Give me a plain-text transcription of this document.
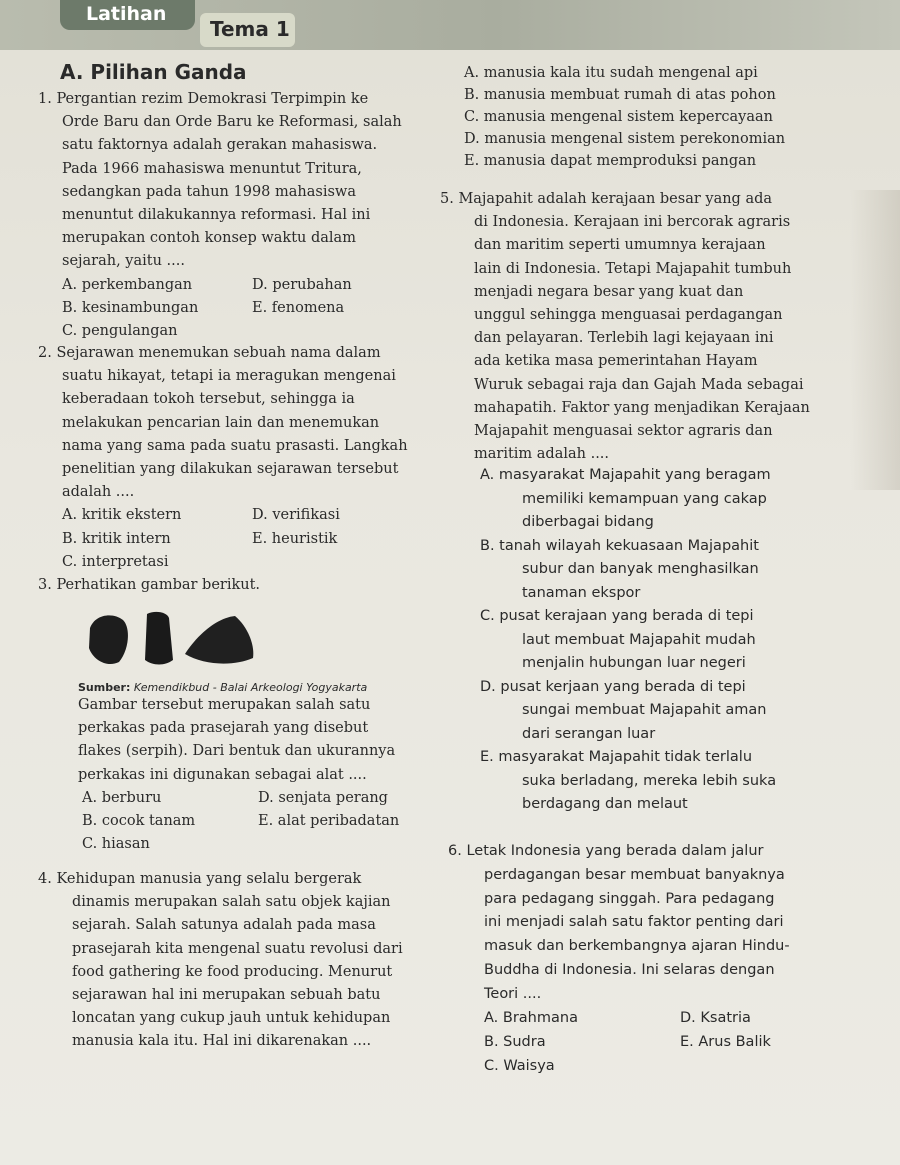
Latihan
Tema 1
A. Pilihan Ganda
1. Pergantian rezim Demokrasi Terpimpin ke
Orde Baru dan Orde Baru ke Reformasi, salah
satu faktornya adalah gerakan mahasiswa.
Pada 1966 mahasiswa menuntut Tritura,
sedangkan pada tahun 1998 mahasiswa
menuntut dilakukannya reformasi. Hal ini
merupakan contoh konsep waktu dalam
sejarah, yaitu ....
A. perkembangan	D. perubahan
B. kesinambungan	E. fenomena
C. pengulangan
2. Sejarawan menemukan sebuah nama dalam
suatu hikayat, tetapi ia meragukan mengenai
keberadaan tokoh tersebut, sehingga ia
melakukan pencarian lain dan menemukan
nama yang sama pada suatu prasasti. Langkah
penelitian yang dilakukan sejarawan tersebut
adalah ....
A. kritik ekstern	D. verifikasi
B. kritik intern	E. heuristik
C. interpretasi
3. Perhatikan gambar berikut.
Sumber: Kemendikbud - Balai Arkeologi Yogyakarta
Gambar tersebut merupakan salah satu
perkakas pada prasejarah yang disebut
flakes (serpih). Dari bentuk dan ukurannya
perkakas ini digunakan sebagai alat ....
A. berburu	D. senjata perang
B. cocok tanam	E. alat peribadatan
C. hiasan
4. Kehidupan manusia yang selalu bergerak
dinamis merupakan salah satu objek kajian
sejarah. Salah satunya adalah pada masa
prasejarah kita mengenal suatu revolusi dari
food gathering ke food producing. Menurut
sejarawan hal ini merupakan sebuah batu
loncatan yang cukup jauh untuk kehidupan
manusia kala itu. Hal ini dikarenakan ....
A. manusia kala itu sudah mengenal api
B. manusia membuat rumah di atas pohon
C. manusia mengenal sistem kepercayaan
D. manusia mengenal sistem perekonomian
E. manusia dapat memproduksi pangan
5. Majapahit adalah kerajaan besar yang ada
di Indonesia. Kerajaan ini bercorak agraris
dan maritim seperti umumnya kerajaan
lain di Indonesia. Tetapi Majapahit tumbuh
menjadi negara besar yang kuat dan
unggul sehingga menguasai perdagangan
dan pelayaran. Terlebih lagi kejayaan ini
ada ketika masa pemerintahan Hayam
Wuruk sebagai raja dan Gajah Mada sebagai
mahapatih. Faktor yang menjadikan Kerajaan
Majapahit menguasai sektor agraris dan
maritim adalah ....
A. masyarakat Majapahit yang beragam
memiliki kemampuan yang cakap
diberbagai bidang
B. tanah wilayah kekuasaan Majapahit
subur dan banyak menghasilkan
tanaman ekspor
C. pusat kerajaan yang berada di tepi
laut membuat Majapahit mudah
menjalin hubungan luar negeri
D. pusat kerjaan yang berada di tepi
sungai membuat Majapahit aman
dari serangan luar
E. masyarakat Majapahit tidak terlalu
suka berladang, mereka lebih suka
berdagang dan melaut
6. Letak Indonesia yang berada dalam jalur
perdagangan besar membuat banyaknya
para pedagang singgah. Para pedagang
ini menjadi salah satu faktor penting dari
masuk dan berkembangnya ajaran Hindu-
Buddha di Indonesia. Ini selaras dengan
Teori ....
A. Brahmana	D. Ksatria
B. Sudra	E. Arus Balik
C. Waisya
